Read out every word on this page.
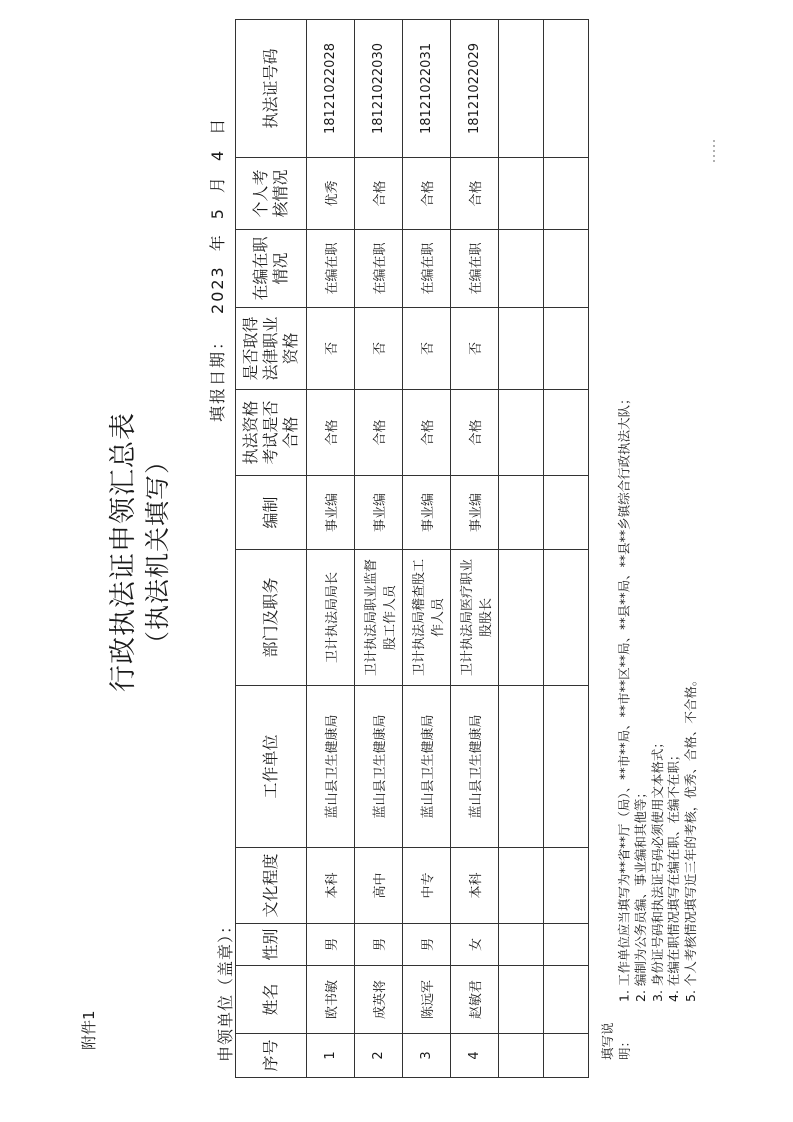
附件1
行政执法证申领汇总表 （执法机关填写）
申领单位（盖章）：
填报日期：2023年5月4日
序号	姓名	性别	文化程度	工作单位	部门及职务	编制	执法资格考试是否合格	是否取得法律职业资格	在编在职情况	个人考核情况	执法证号码
1	欧书敏	男	本科	蓝山县卫生健康局	卫计执法局局长	事业编	合格	否	在编在职	优秀	18121022028
2	成英将	男	高中	蓝山县卫生健康局	卫计执法局职业监督股工作人员	事业编	合格	否	在编在职	合格	18121022030
3	陈远军	男	中专	蓝山县卫生健康局	卫计执法局稽查股工作人员	事业编	合格	否	在编在职	合格	18121022031
4	赵敏君	女	本科	蓝山县卫生健康局	卫计执法局医疗职业股股长	事业编	合格	否	在编在职	合格	18121022029

填写说明：1. 工作单位应当填写为**省**厅（局）、**市**局、**市**区**局、**县**局、**县**乡镇综合行政执法大队； 2. 编制为公务员编、事业编和其他等； 3. 身份证号码和执法证号码必须使用文本格式； 4. 在编在职情况填写在编在职、在编不在职； 5. 个人考核情况填写近三年的考核，优秀、合格、不合格。
